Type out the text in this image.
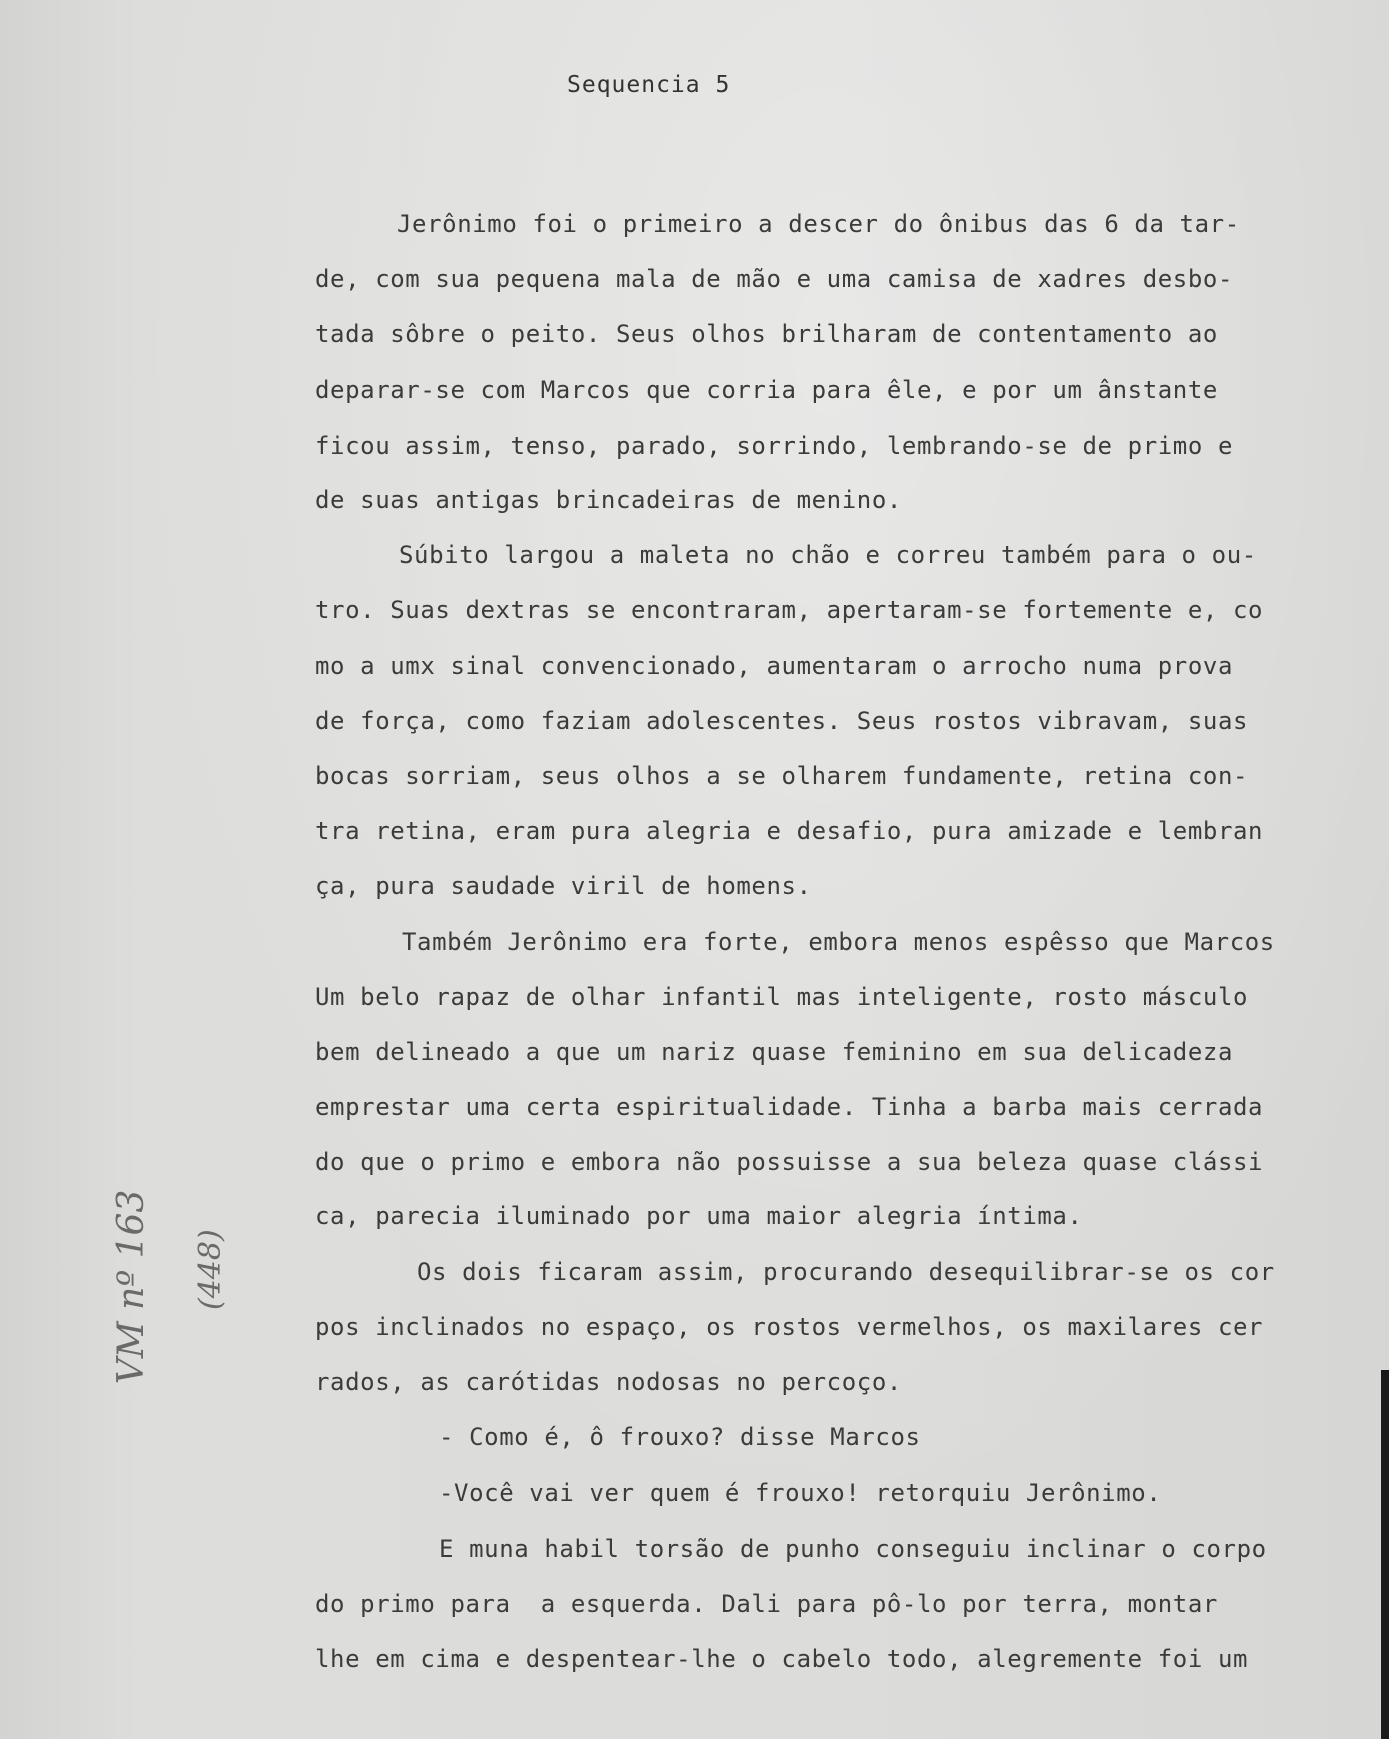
Sequencia 5
Jerônimo foi o primeiro a descer do ônibus das 6 da tar-
de, com sua pequena mala de mão e uma camisa de xadres desbo-
tada sôbre o peito. Seus olhos brilharam de contentamento ao
deparar-se com Marcos que corria para êle, e por um ânstante
ficou assim, tenso, parado, sorrindo, lembrando-se de primo e
de suas antigas brincadeiras de menino.
Súbito largou a maleta no chão e correu também para o ou-
tro. Suas dextras se encontraram, apertaram-se fortemente e, co
mo a umx sinal convencionado, aumentaram o arrocho numa prova
de força, como faziam adolescentes. Seus rostos vibravam, suas
bocas sorriam, seus olhos a se olharem fundamente, retina con-
tra retina, eram pura alegria e desafio, pura amizade e lembran
ça, pura saudade viril de homens.
Também Jerônimo era forte, embora menos espêsso que Marcos
Um belo rapaz de olhar infantil mas inteligente, rosto másculo
bem delineado a que um nariz quase feminino em sua delicadeza
emprestar uma certa espiritualidade. Tinha a barba mais cerrada
do que o primo e embora não possuisse a sua beleza quase clássi
ca, parecia iluminado por uma maior alegria íntima.
Os dois ficaram assim, procurando desequilibrar-se os cor
pos inclinados no espaço, os rostos vermelhos, os maxilares cer
rados, as carótidas nodosas no percoço.
- Como é, ô frouxo? disse Marcos
-Você vai ver quem é frouxo! retorquiu Jerônimo.
E muna habil torsão de punho conseguiu inclinar o corpo
do primo para  a esquerda. Dali para pô-lo por terra, montar
lhe em cima e despentear-lhe o cabelo todo, alegremente foi um

VM nº 163
(448)
